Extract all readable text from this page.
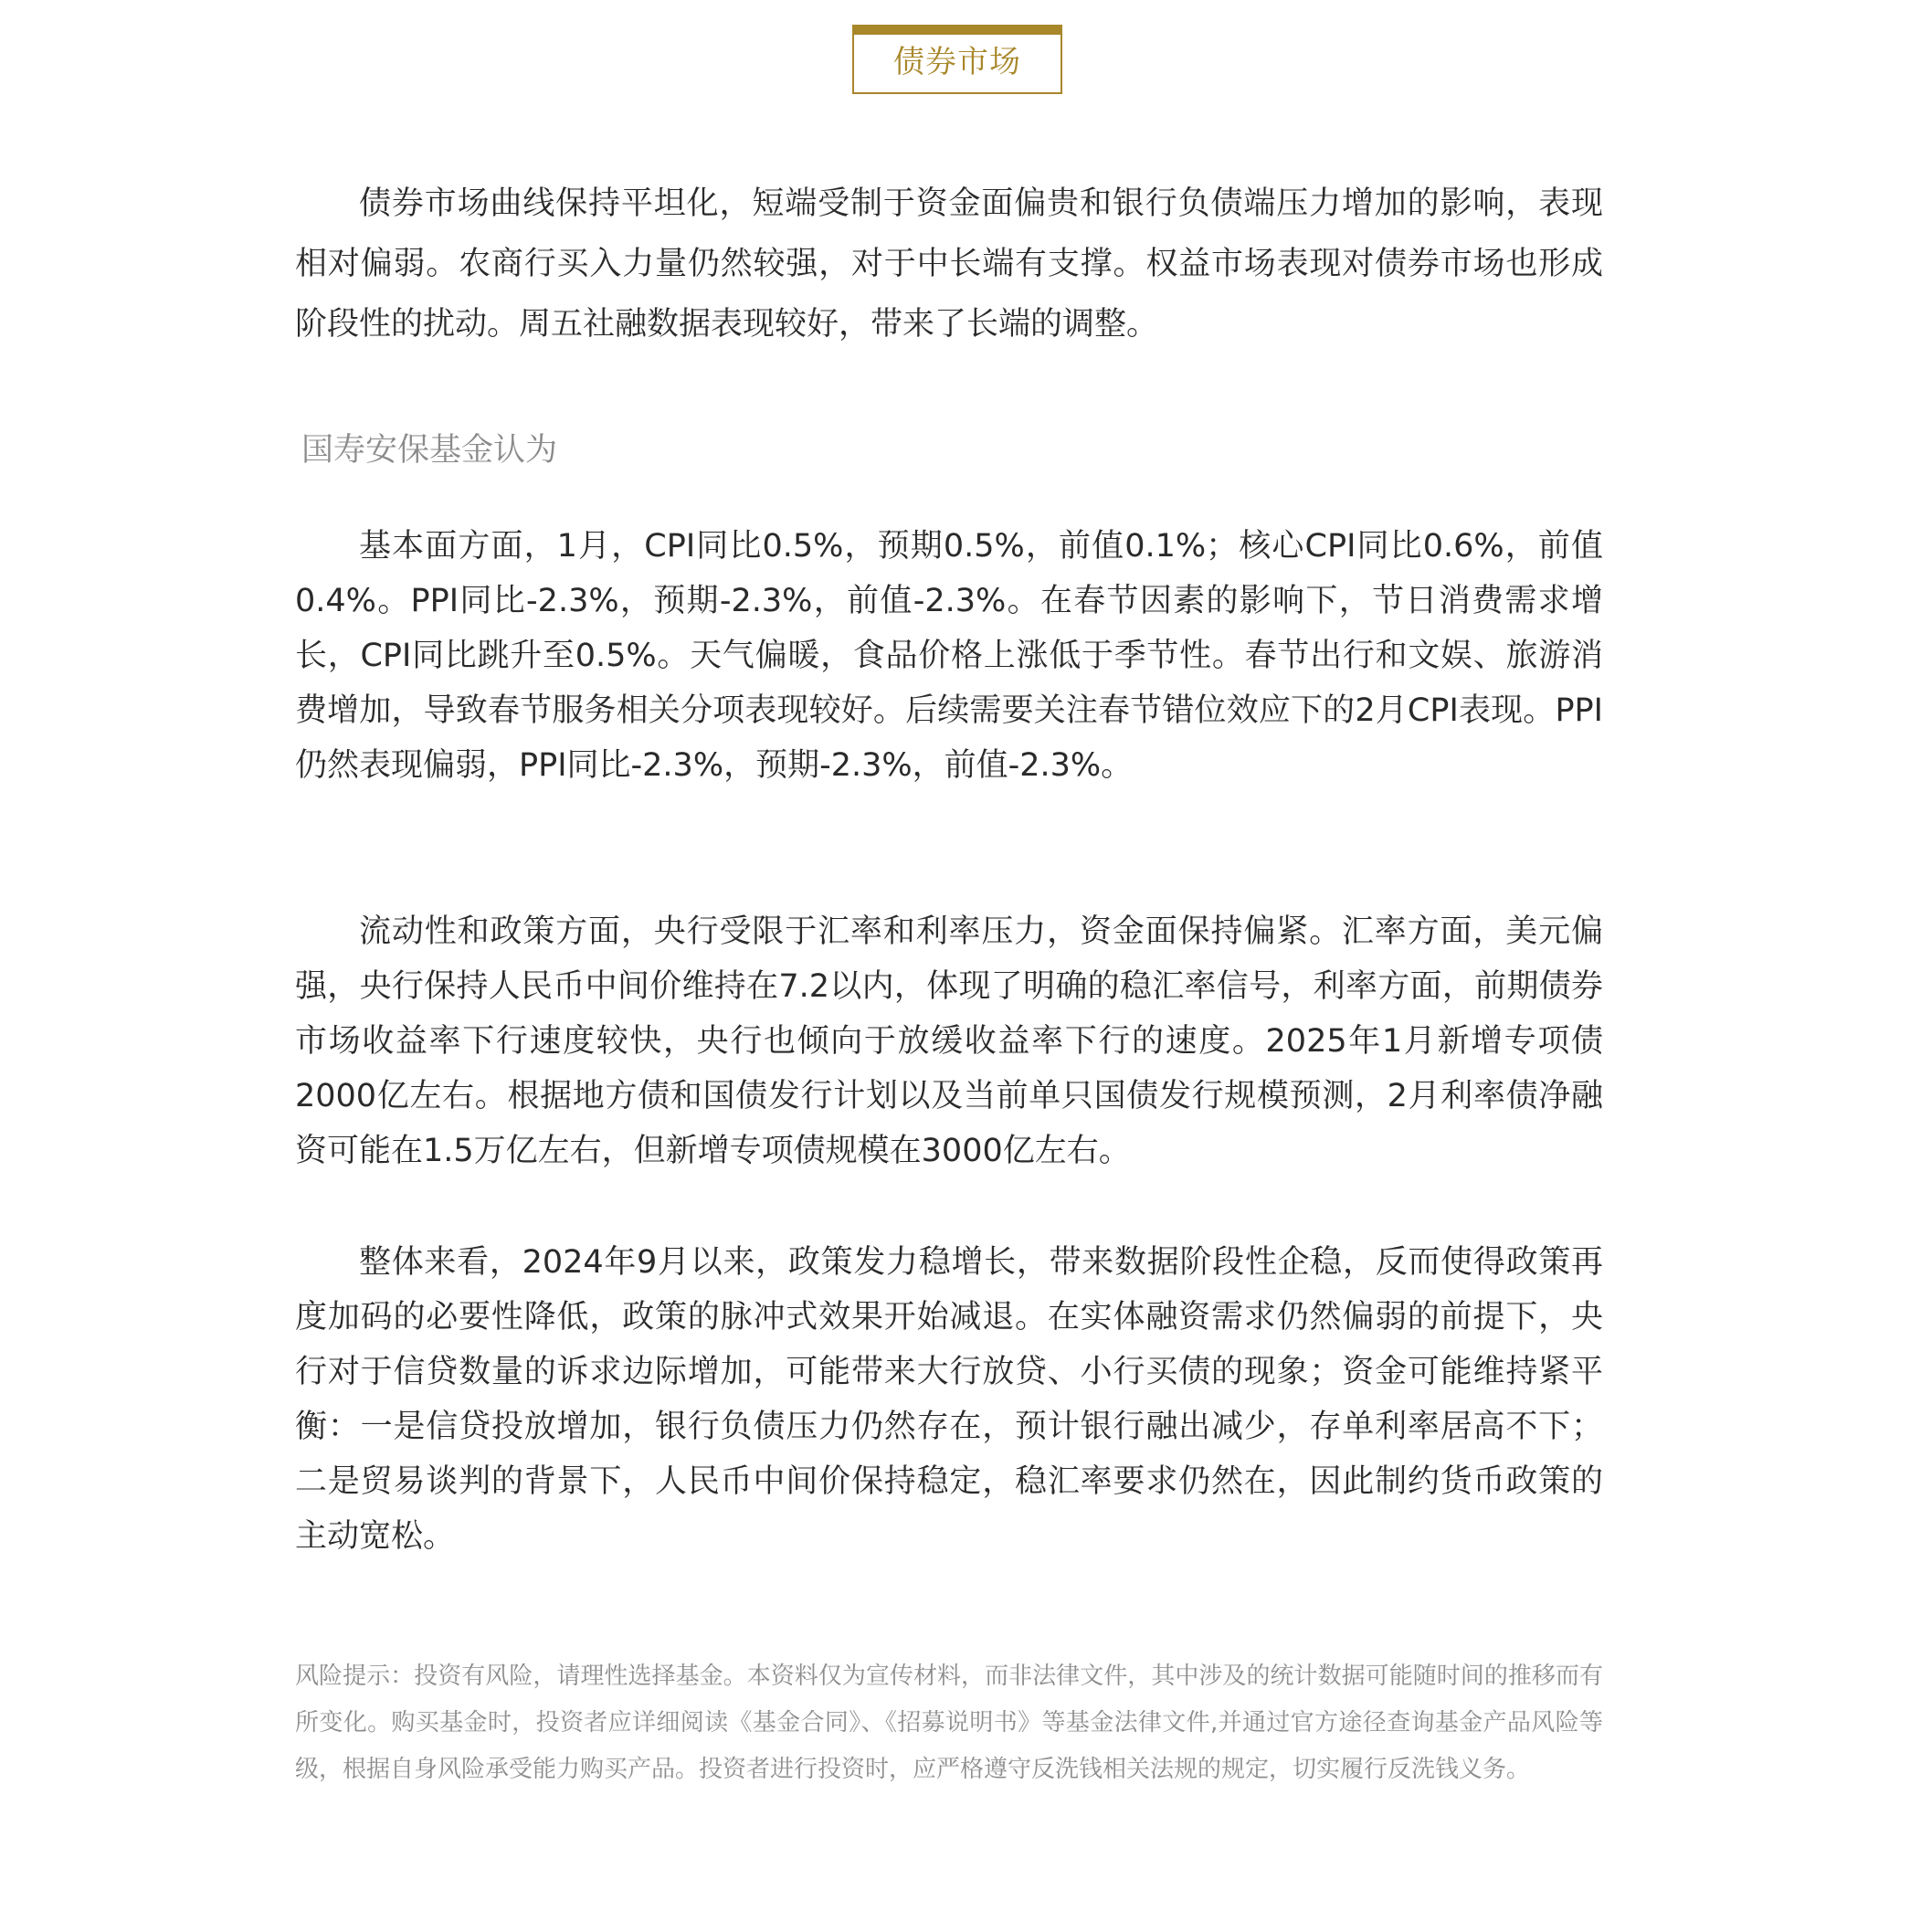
债券市场

债券市场曲线保持平坦化，短端受制于资金面偏贵和银行负债端压力增加的影响，表现相对偏弱。农商行买入力量仍然较强，对于中长端有支撑。权益市场表现对债券市场也形成阶段性的扰动。周五社融数据表现较好，带来了长端的调整。

国寿安保基金认为

基本面方面，1月，CPI同比0.5%，预期0.5%，前值0.1%；核心CPI同比0.6%，前值0.4%。PPI同比-2.3%，预期-2.3%，前值-2.3%。在春节因素的影响下，节日消费需求增长，CPI同比跳升至0.5%。天气偏暖，食品价格上涨低于季节性。春节出行和文娱、旅游消费增加，导致春节服务相关分项表现较好。后续需要关注春节错位效应下的2月CPI表现。PPI仍然表现偏弱，PPI同比-2.3%，预期-2.3%，前值-2.3%。

流动性和政策方面，央行受限于汇率和利率压力，资金面保持偏紧。汇率方面，美元偏强，央行保持人民币中间价维持在7.2以内，体现了明确的稳汇率信号，利率方面，前期债券市场收益率下行速度较快，央行也倾向于放缓收益率下行的速度。2025年1月新增专项债2000亿左右。根据地方债和国债发行计划以及当前单只国债发行规模预测，2月利率债净融资可能在1.5万亿左右，但新增专项债规模在3000亿左右。

整体来看，2024年9月以来，政策发力稳增长，带来数据阶段性企稳，反而使得政策再度加码的必要性降低，政策的脉冲式效果开始减退。在实体融资需求仍然偏弱的前提下，央行对于信贷数量的诉求边际增加，可能带来大行放贷、小行买债的现象；资金可能维持紧平衡：一是信贷投放增加，银行负债压力仍然存在，预计银行融出减少，存单利率居高不下；二是贸易谈判的背景下，人民币中间价保持稳定，稳汇率要求仍然在，因此制约货币政策的主动宽松。

风险提示：投资有风险，请理性选择基金。本资料仅为宣传材料，而非法律文件，其中涉及的统计数据可能随时间的推移而有所变化。购买基金时，投资者应详细阅读《基金合同》、《招募说明书》等基金法律文件,并通过官方途径查询基金产品风险等级，根据自身风险承受能力购买产品。投资者进行投资时，应严格遵守反洗钱相关法规的规定，切实履行反洗钱义务。
